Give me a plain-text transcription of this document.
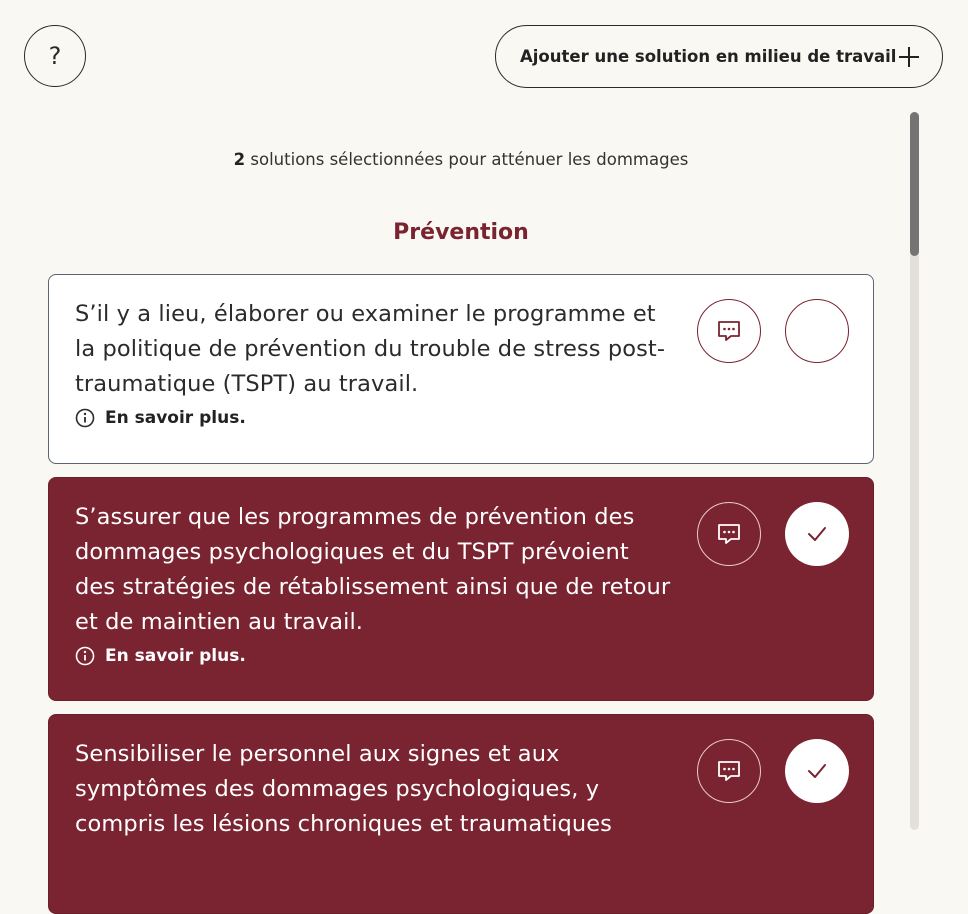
?	Ajouter une solution en milieu de travail
2 solutions sélectionnées pour atténuer les dommages
Prévention
S’il y a lieu, élaborer ou examiner le programme et la politique de prévention du trouble de stress post-traumatique (TSPT) au travail.
En savoir plus.
S’assurer que les programmes de prévention des dommages psychologiques et du TSPT prévoient des stratégies de rétablissement ainsi que de retour et de maintien au travail.
En savoir plus.
Sensibiliser le personnel aux signes et aux symptômes des dommages psychologiques, y compris les lésions chroniques et traumatiques
